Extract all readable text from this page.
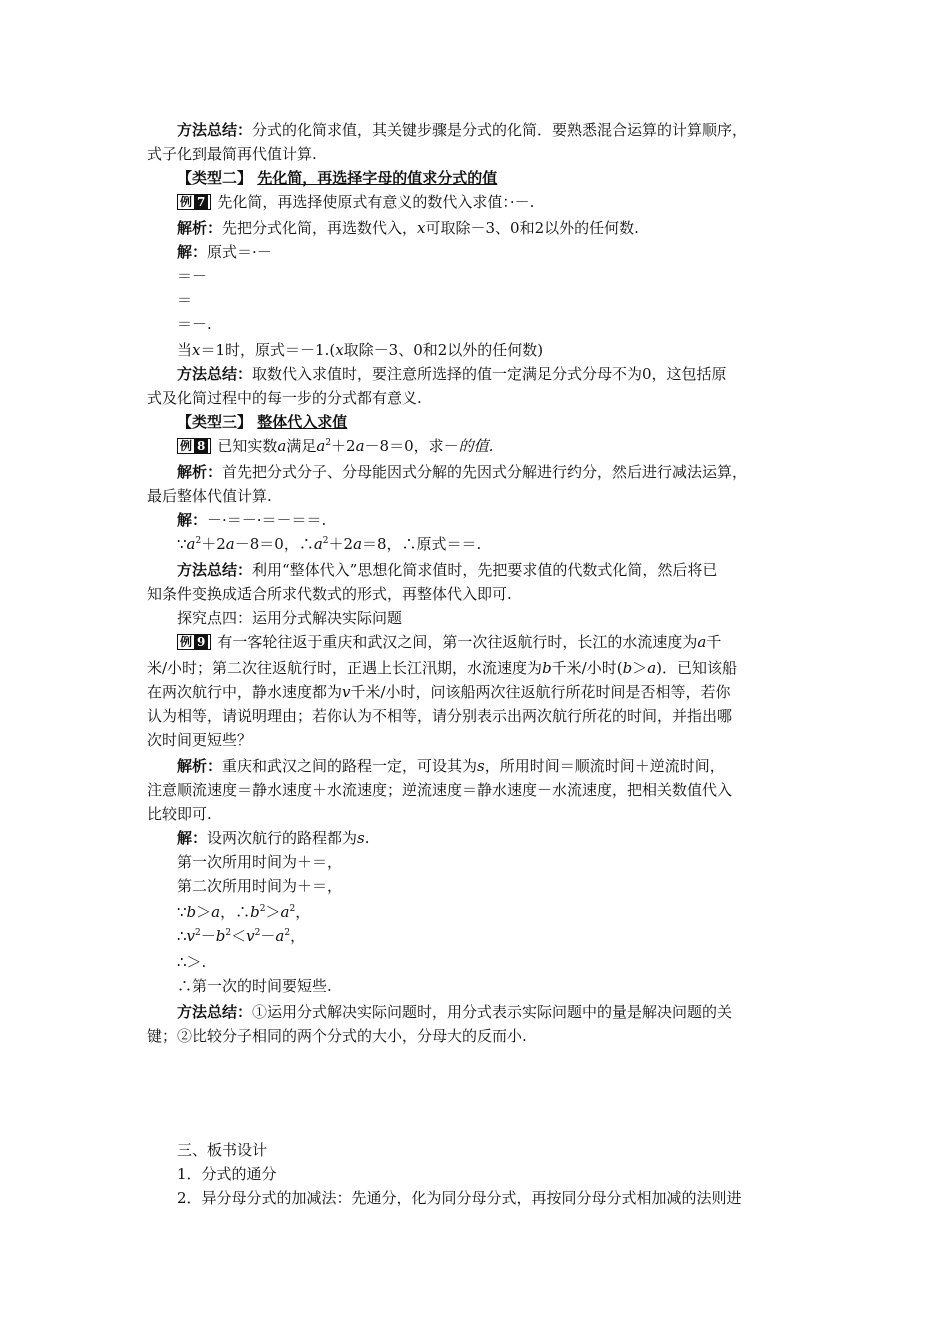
方法总结：分式的化简求值，其关键步骤是分式的化简．要熟悉混合运算的计算顺序，
式子化到最简再代值计算.
【类型二】 先化简，再选择字母的值求分式的值
例 7 先化简，再选择使原式有意义的数代入求值：·－.
解析：先把分式化简，再选数代入，x可取除－3、0和2以外的任何数.
解：原式＝·－
＝－
＝
＝－.
当x＝1时，原式＝－1.(x取除－3、0和2以外的任何数)
方法总结：取数代入求值时，要注意所选择的值一定满足分式分母不为0，这包括原
式及化简过程中的每一步的分式都有意义.
【类型三】 整体代入求值
例 8 已知实数a满足$a^2+2a-8=0$，求－的值.
解析：首先把分式分子、分母能因式分解的先因式分解进行约分，然后进行减法运算，
最后整体代值计算.
解：－·＝－·＝－＝＝.
$\because a^2+2a-8=0$，$\therefore a^2+2a=8$，∴原式＝＝.
方法总结：利用“整体代入”思想化简求值时，先把要求值的代数式化简，然后将已
知条件变换成适合所求代数式的形式，再整体代入即可.
探究点四：运用分式解决实际问题
例 9 有一客轮往返于重庆和武汉之间，第一次往返航行时，长江的水流速度为a千
米/小时；第二次往返航行时，正遇上长江汛期，水流速度为b千米/小时(b＞a)．已知该船
在两次航行中，静水速度都为v千米/小时，问该船两次往返航行所花时间是否相等，若你
认为相等，请说明理由；若你认为不相等，请分别表示出两次航行所花的时间，并指出哪
次时间更短些？
解析：重庆和武汉之间的路程一定，可设其为s，所用时间＝顺流时间＋逆流时间，
注意顺流速度＝静水速度＋水流速度；逆流速度＝静水速度－水流速度，把相关数值代入
比较即可.
解：设两次航行的路程都为s.
第一次所用时间为＋＝，
第二次所用时间为＋＝，
∵b＞a，$\therefore b^2>a^2$，
$\therefore v^2-b^2<v^2-a^2$，
∴＞.
∴第一次的时间要短些.
方法总结：①运用分式解决实际问题时，用分式表示实际问题中的量是解决问题的关
键；②比较分子相同的两个分式的大小，分母大的反而小.
三、板书设计
1．分式的通分
2．异分母分式的加减法：先通分，化为同分母分式，再按同分母分式相加减的法则进
